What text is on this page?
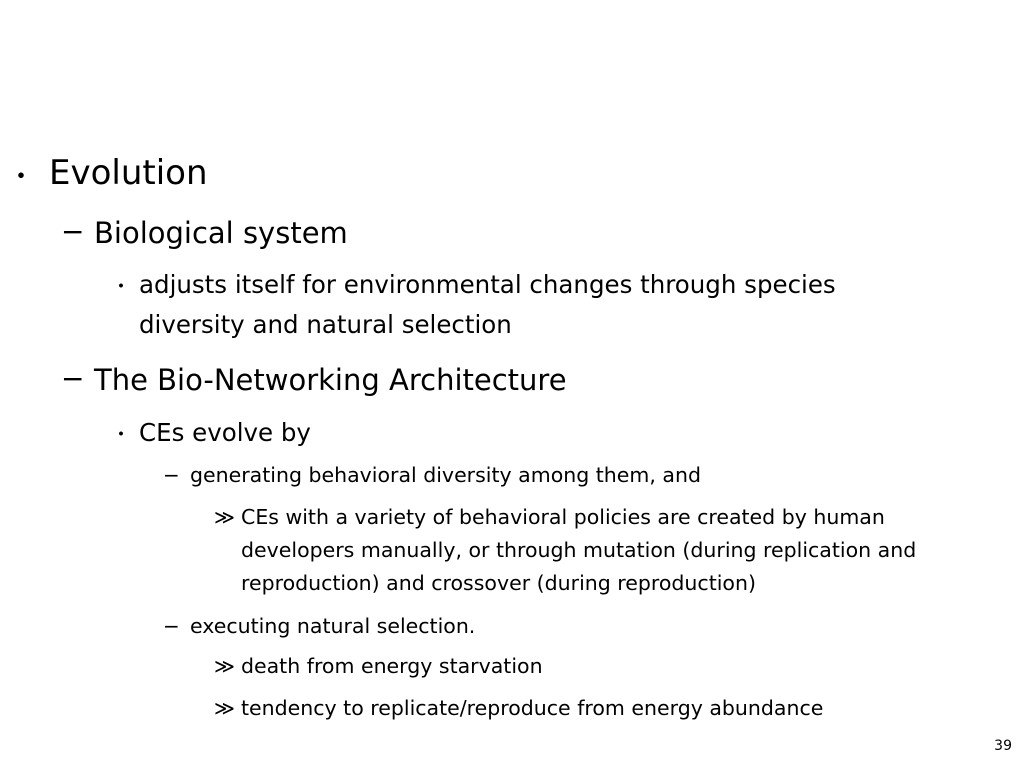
・ Evolution
− Biological system
・ adjusts itself for environmental changes through species
diversity and natural selection
− The Bio-Networking Architecture
・ CEs evolve by
− generating behavioral diversity among them, and
≫ CEs with a variety of behavioral policies are created by human
developers manually, or through mutation (during replication and
reproduction) and crossover (during reproduction)
− executing natural selection.
≫ death from energy starvation
≫ tendency to replicate/reproduce from energy abundance
39
